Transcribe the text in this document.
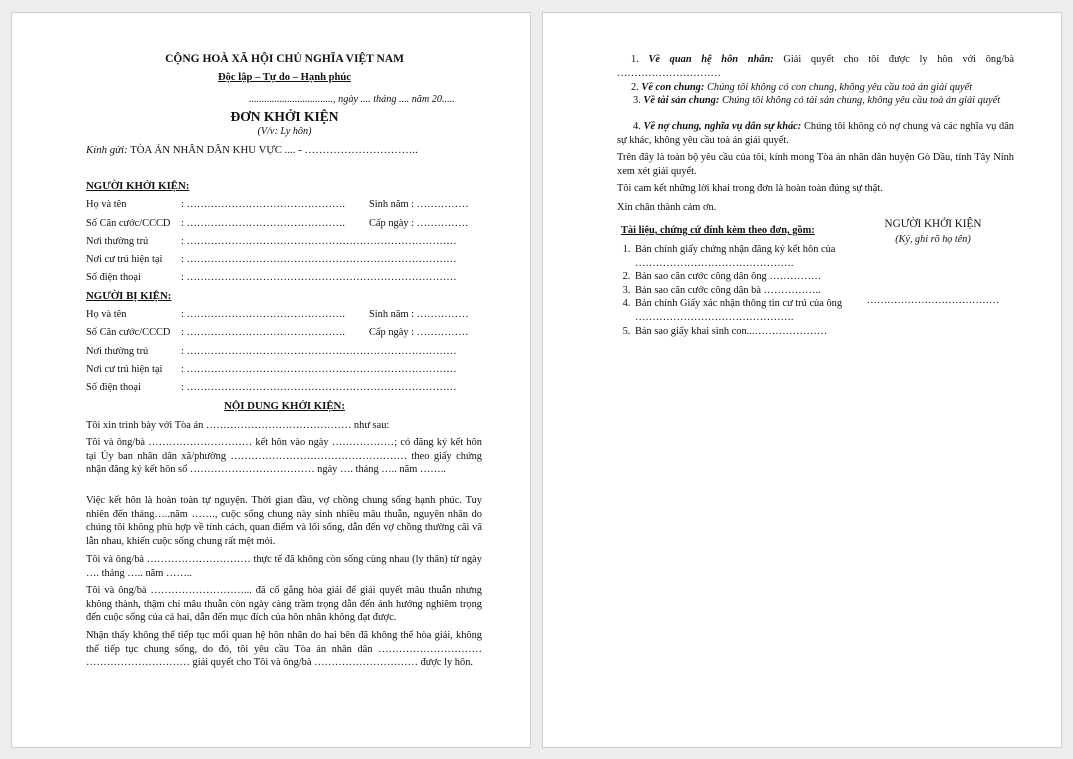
CỘNG HOÀ XÃ HỘI CHỦ NGHĨA VIỆT NAM
Độc lập – Tự do – Hạnh phúc
................................., ngày .... tháng .... năm 20.....
ĐƠN KHỞI KIỆN
(V/v: Ly hôn)
Kính gửi: TÒA ÁN NHÂN DÂN KHU VỰC .... - …………………………..
NGƯỜI KHỞI KIỆN:
Họ và tên	: ………………………………………. Sinh năm : ……………
Số Căn cước/CCCD : ………………………………………. Cấp ngày : ……………
Nơi thường trú	: ……………………………………………………………………
Nơi cư trú hiện tại : ……………………………………………………………………
Số điện thoại	: ……………………………………………………………………
NGƯỜI BỊ KIỆN:
Họ và tên	: ………………………………………. Sinh năm : ……………
Số Căn cước/CCCD : ………………………………………. Cấp ngày : ……………
Nơi thường trú	: ……………………………………………………………………
Nơi cư trú hiện tại : ……………………………………………………………………
Số điện thoại	: ……………………………………………………………………
NỘI DUNG KHỞI KIỆN:
Tôi xin trình bày với Tòa án …………………………………… như sau:
Tôi và ông/bà ………………………… kết hôn vào ngày ………………; có đăng ký kết hôn tại Ủy ban nhân dân xã/phường …………………………………………… theo giấy chứng nhận đăng ký kết hôn số ……………………………… ngày …. tháng ….. năm ……..
Việc kết hôn là hoàn toàn tự nguyện. Thời gian đầu, vợ chồng chung sống hạnh phúc. Tuy nhiên đến tháng…..năm ……., cuộc sống chung này sinh nhiều mâu thuẫn, nguyên nhân do chúng tôi không phù hợp về tính cách, quan điểm và lối sống, dẫn đến vợ chồng thường cãi vã lẫn nhau, khiến cuộc sống chung rất mệt mỏi.
Tôi và ông/bà ………………………… thực tế đã không còn sống cùng nhau (ly thân) từ ngày …. tháng ….. năm ……..
Tôi và ông/bà ………………………... đã cố gắng hòa giải để giải quyết mâu thuẫn nhưng không thành, thậm chí mâu thuẫn còn ngày càng trầm trọng dẫn đến ảnh hưởng nghiêm trọng đến cuộc sống của cả hai, dẫn đến mục đích của hôn nhân không đạt được.
Nhận thấy không thể tiếp tục mối quan hệ hôn nhân do hai bên đã không thể hòa giải, không thể tiếp tục chung sống, do đó, tôi yêu cầu Tòa án nhân dân ………………………… ………………………… giải quyết cho Tôi và ông/bà ………………………… được ly hôn.
1. Về quan hệ hôn nhân: Giải quyết cho tôi được ly hôn với ông/bà …………………………
2. Về con chung: Chúng tôi không có con chung, không yêu cầu toà án giải quyết
3. Về tài sản chung: Chúng tôi không có tài sản chung, không yêu cầu toà án giải quyết
4. Về nợ chung, nghĩa vụ dân sự khác: Chúng tôi không có nợ chung và các nghĩa vụ dân sự khác, không yêu cầu toà án giải quyết.
Trên đây là toàn bộ yêu cầu của tôi, kính mong Tòa án nhân dân huyện Gò Dầu, tỉnh Tây Ninh xem xét giải quyết.
Tôi cam kết những lời khai trong đơn là hoàn toàn đúng sự thật.
Xin chân thành cảm ơn.
Tài liệu, chứng cứ đính kèm theo đơn, gồm:
1. Bản chính giấy chứng nhận đăng ký kết hôn của ……………………………………….
2. Bản sao căn cước công dân ông ……………
3. Bản sao căn cước công dân bà ……………..
4. Bản chính Giấy xác nhận thông tin cư trú của ông ……………………………………….
5. Bản sao giấy khai sinh con...…………………
NGƯỜI KHỞI KIỆN
(Ký, ghi rõ họ tên)
…………………………………
